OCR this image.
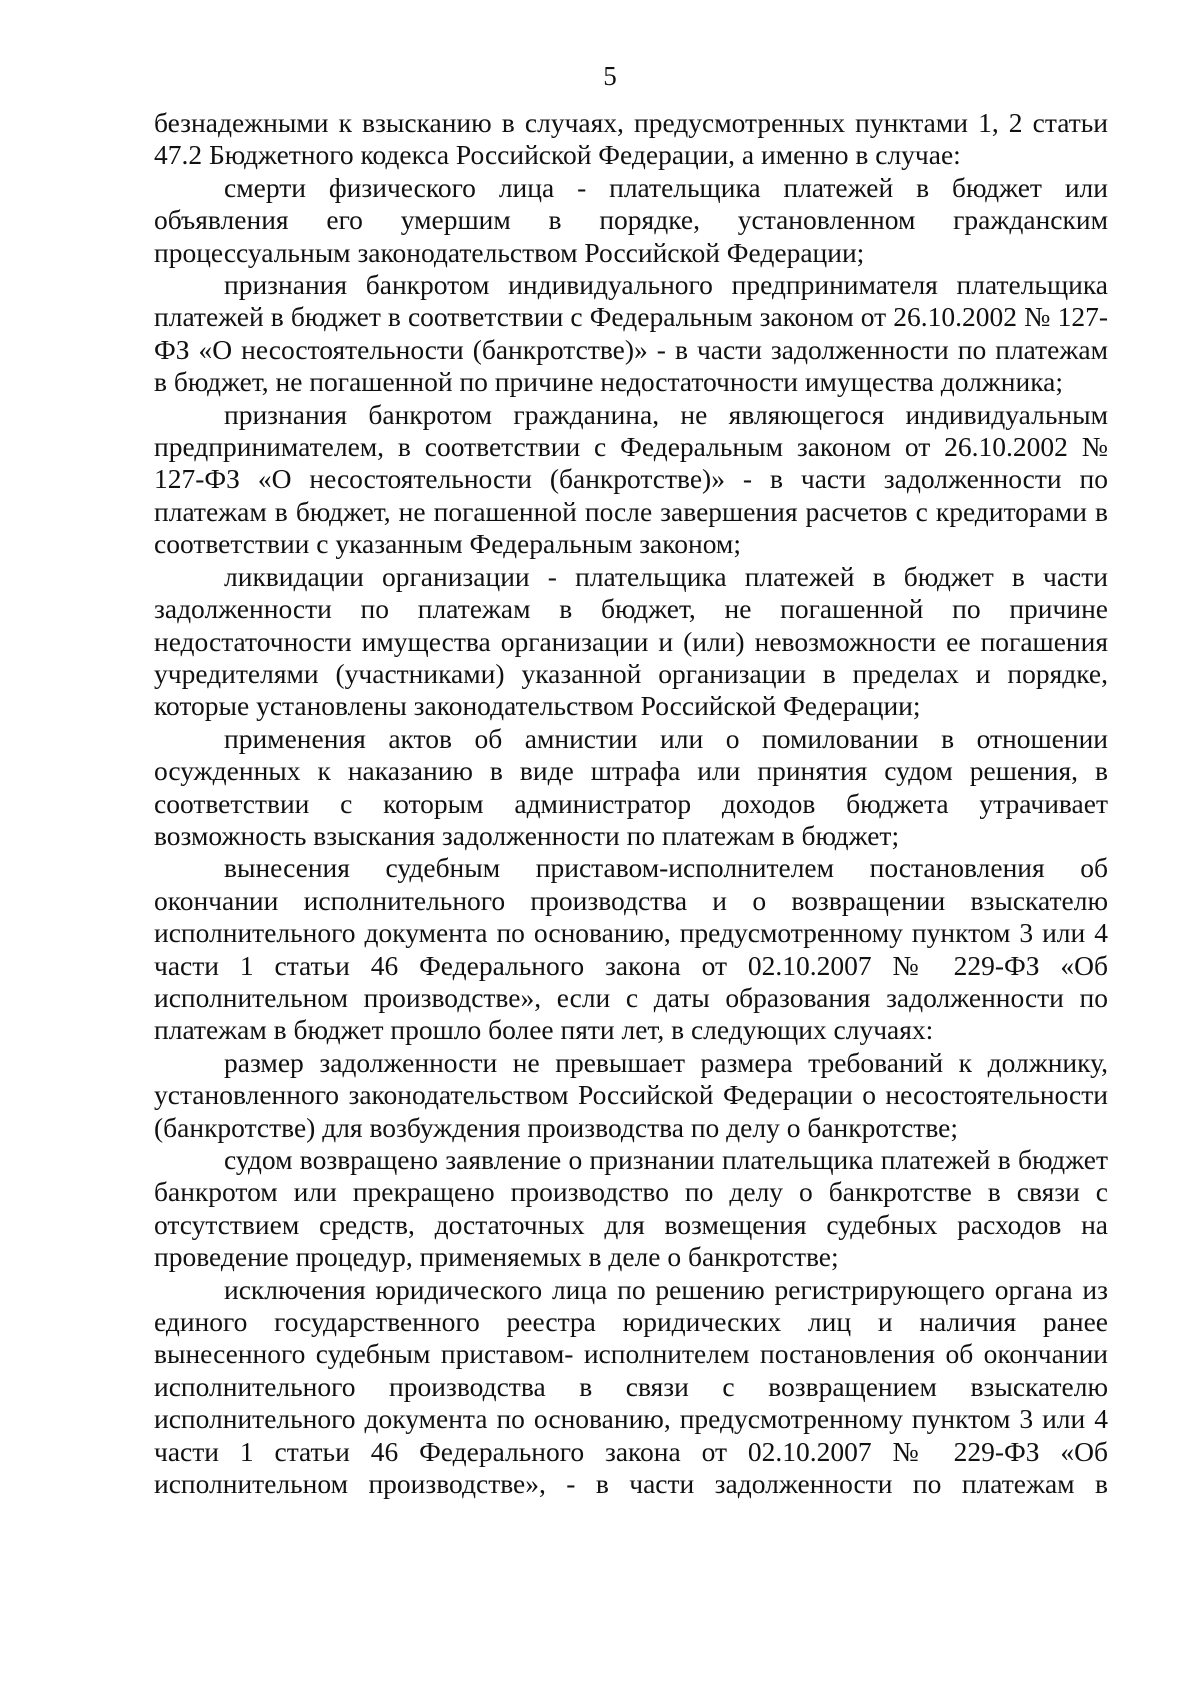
5

безнадежными к взысканию в случаях, предусмотренных пунктами 1, 2 статьи 47.2 Бюджетного кодекса Российской Федерации, а именно в случае:

смерти физического лица - плательщика платежей в бюджет или объявления его умершим в порядке, установленном гражданским процессуальным законодательством Российской Федерации;

признания банкротом индивидуального предпринимателя плательщика платежей в бюджет в соответствии с Федеральным законом от 26.10.2002 № 127-ФЗ «О несостоятельности (банкротстве)» - в части задолженности по платежам в бюджет, не погашенной по причине недостаточности имущества должника;

признания банкротом гражданина, не являющегося индивидуальным предпринимателем, в соответствии с Федеральным законом от 26.10.2002 № 127-ФЗ «О несостоятельности (банкротстве)» - в части задолженности по платежам в бюджет, не погашенной после завершения расчетов с кредиторами в соответствии с указанным Федеральным законом;

ликвидации организации - плательщика платежей в бюджет в части задолженности по платежам в бюджет, не погашенной по причине недостаточности имущества организации и (или) невозможности ее погашения учредителями (участниками) указанной организации в пределах и порядке, которые установлены законодательством Российской Федерации;

применения актов об амнистии или о помиловании в отношении осужденных к наказанию в виде штрафа или принятия судом решения, в соответствии с которым администратор доходов бюджета утрачивает возможность взыскания задолженности по платежам в бюджет;

вынесения судебным приставом-исполнителем постановления об окончании исполнительного производства и о возвращении взыскателю исполнительного документа по основанию, предусмотренному пунктом 3 или 4 части 1 статьи 46 Федерального закона от 02.10.2007 № 229-ФЗ «Об исполнительном производстве», если с даты образования задолженности по платежам в бюджет прошло более пяти лет, в следующих случаях:

размер задолженности не превышает размера требований к должнику, установленного законодательством Российской Федерации о несостоятельности (банкротстве) для возбуждения производства по делу о банкротстве;

судом возвращено заявление о признании плательщика платежей в бюджет банкротом или прекращено производство по делу о банкротстве в связи с отсутствием средств, достаточных для возмещения судебных расходов на проведение процедур, применяемых в деле о банкротстве;

исключения юридического лица по решению регистрирующего органа из единого государственного реестра юридических лиц и наличия ранее вынесенного судебным приставом- исполнителем постановления об окончании исполнительного производства в связи с возвращением взыскателю исполнительного документа по основанию, предусмотренному пунктом 3 или 4 части 1 статьи 46 Федерального закона от 02.10.2007 № 229-ФЗ «Об исполнительном производстве», - в части задолженности по платежам в
